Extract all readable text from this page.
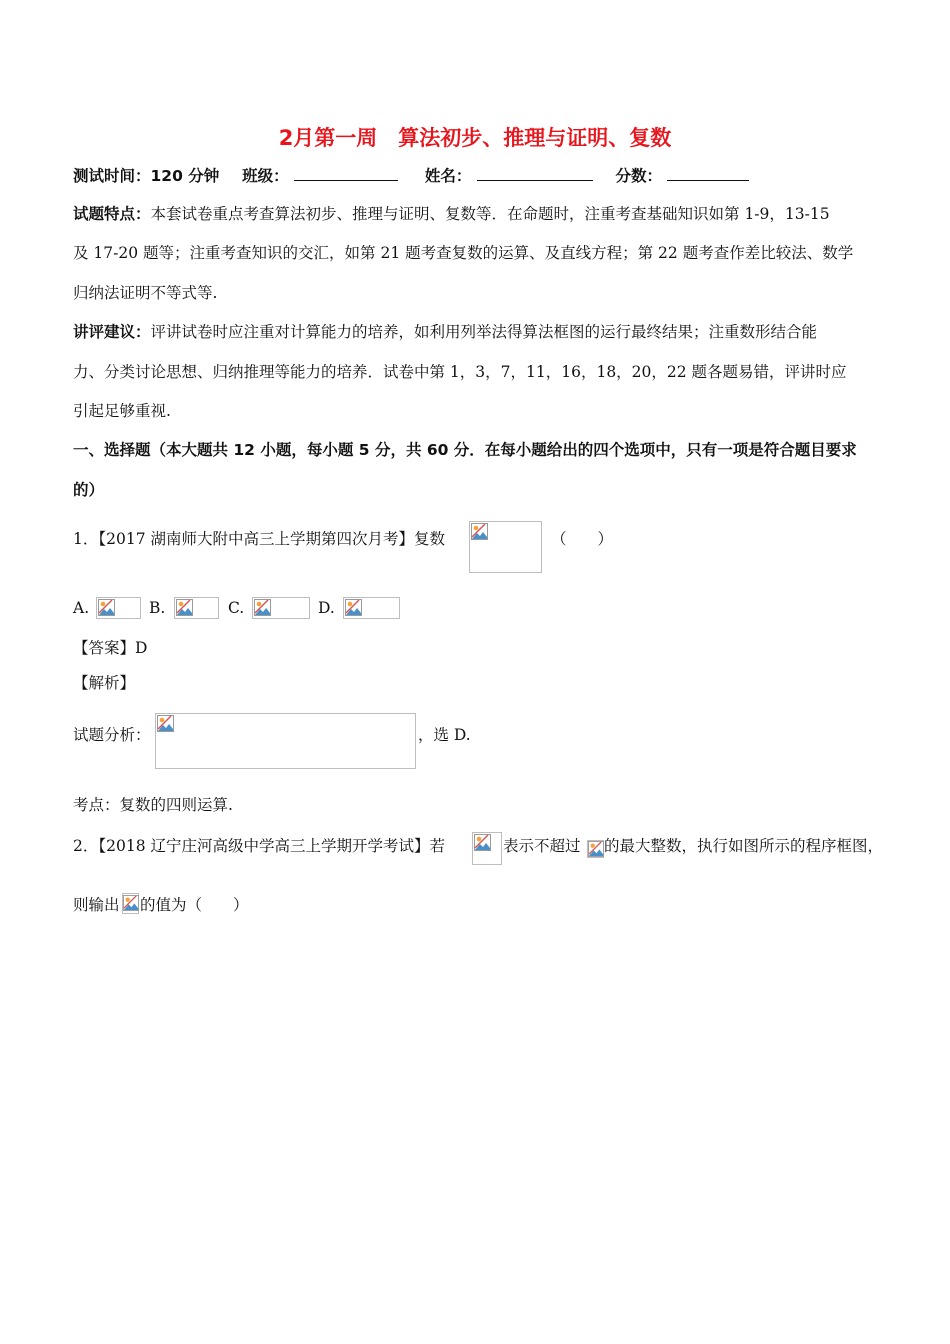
2月第一周　算法初步、推理与证明、复数
测试时间：120 分钟 班级：	姓名：	分数：
试题特点：本套试卷重点考查算法初步、推理与证明、复数等．在命题时，注重考查基础知识如第 1-9，13-15
及 17-20 题等；注重考查知识的交汇，如第 21 题考查复数的运算、及直线方程；第 22 题考查作差比较法、数学
归纳法证明不等式等.
讲评建议：评讲试卷时应注重对计算能力的培养，如利用列举法得算法框图的运行最终结果；注重数形结合能
力、分类讨论思想、归纳推理等能力的培养．试卷中第 1，3，7，11，16，18，20，22 题各题易错，评讲时应
引起足够重视.
一、选择题（本大题共 12 小题，每小题 5 分，共 60 分．在每小题给出的四个选项中，只有一项是符合题目要求
的）
1．【2017 湖南师大附中高三上学期第四次月考】复数	（　　）
A.	B.	C.	D.
【答案】D
【解析】
试题分析：	，选 D.
考点：复数的四则运算.
2．【2018 辽宁庄河高级中学高三上学期开学考试】若	表示不超过 的最大整数，执行如图所示的程序框图，
则输出 的值为（　　）
